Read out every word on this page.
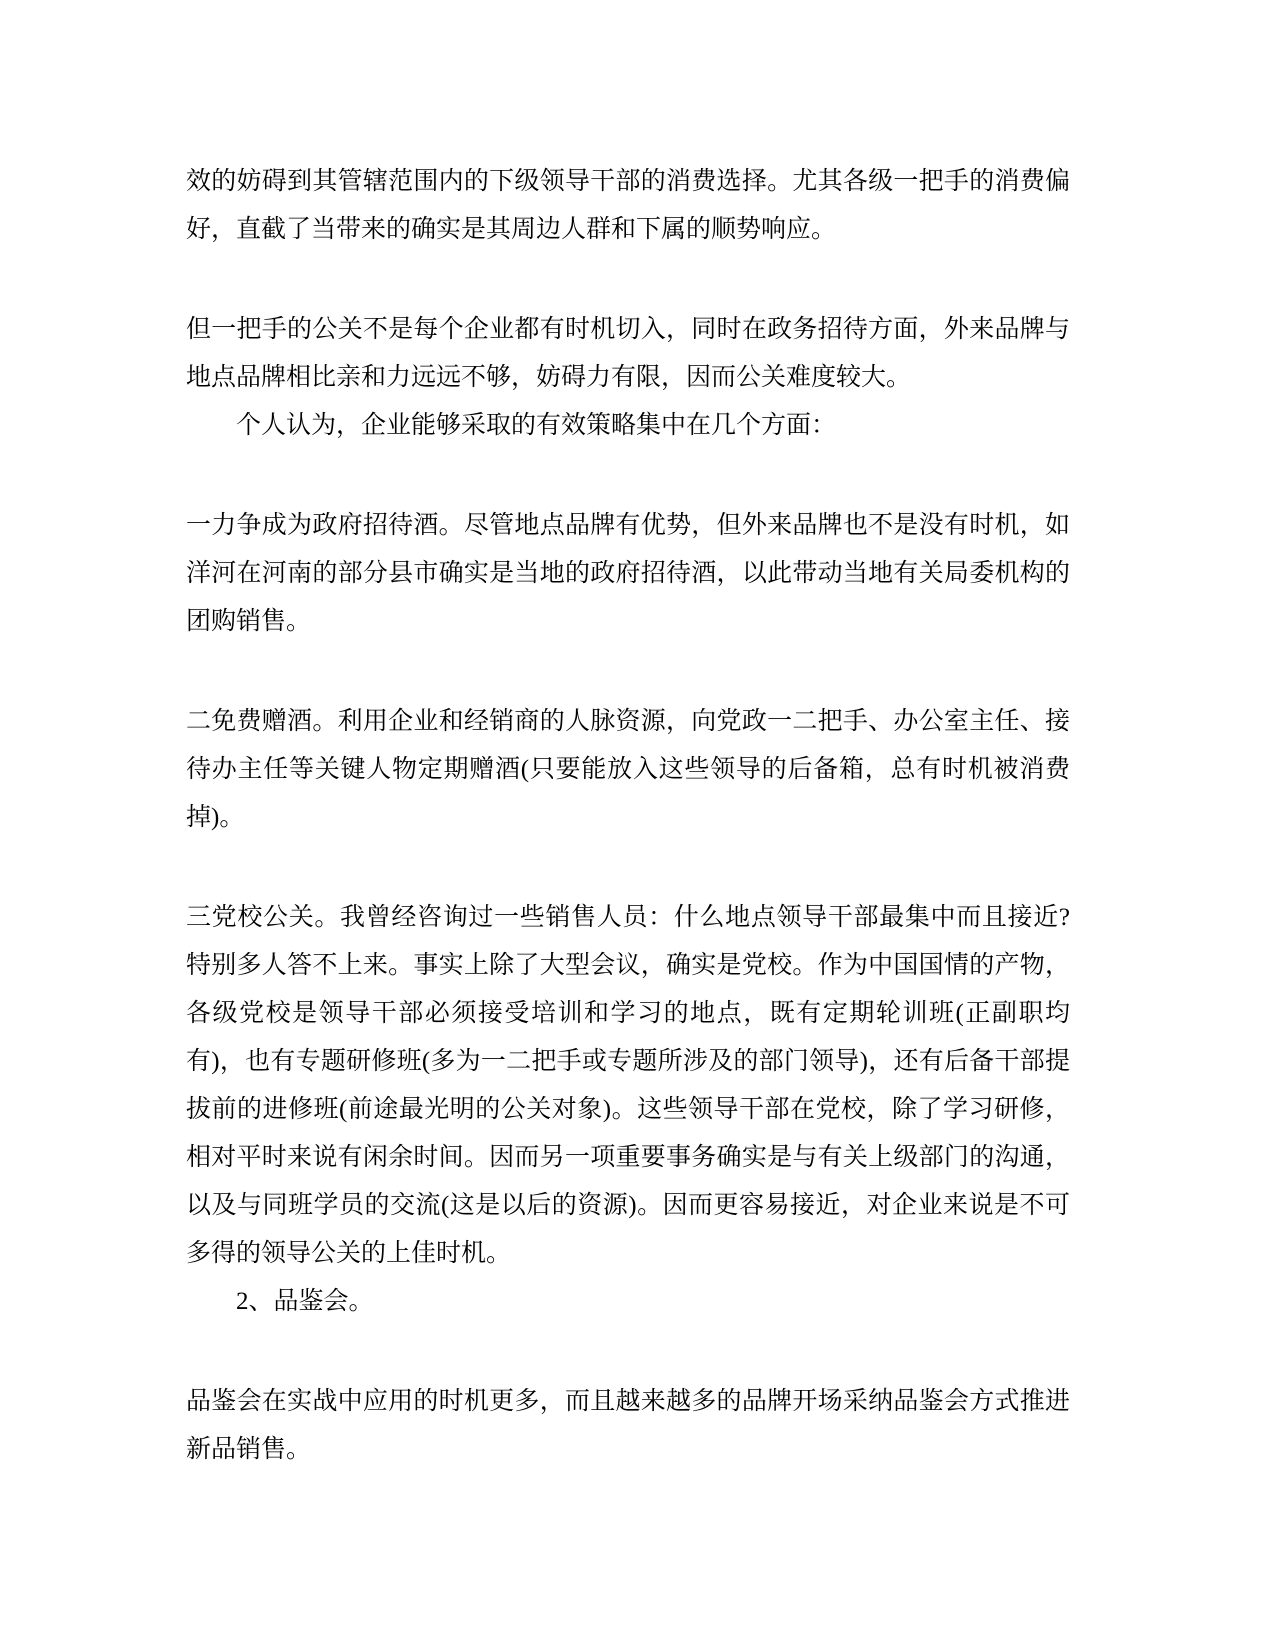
效的妨碍到其管辖范围内的下级领导干部的消费选择。尤其各级一把手的消费偏好，直截了当带来的确实是其周边人群和下属的顺势响应。

但一把手的公关不是每个企业都有时机切入，同时在政务招待方面，外来品牌与地点品牌相比亲和力远远不够，妨碍力有限，因而公关难度较大。

个人认为，企业能够采取的有效策略集中在几个方面：

一力争成为政府招待酒。尽管地点品牌有优势，但外来品牌也不是没有时机，如洋河在河南的部分县市确实是当地的政府招待酒，以此带动当地有关局委机构的团购销售。

二免费赠酒。利用企业和经销商的人脉资源，向党政一二把手、办公室主任、接待办主任等关键人物定期赠酒(只要能放入这些领导的后备箱，总有时机被消费掉)。

三党校公关。我曾经咨询过一些销售人员：什么地点领导干部最集中而且接近?特别多人答不上来。事实上除了大型会议，确实是党校。作为中国国情的产物，各级党校是领导干部必须接受培训和学习的地点，既有定期轮训班(正副职均有)，也有专题研修班(多为一二把手或专题所涉及的部门领导)，还有后备干部提拔前的进修班(前途最光明的公关对象)。这些领导干部在党校，除了学习研修，相对平时来说有闲余时间。因而另一项重要事务确实是与有关上级部门的沟通，以及与同班学员的交流(这是以后的资源)。因而更容易接近，对企业来说是不可多得的领导公关的上佳时机。

2、品鉴会。

品鉴会在实战中应用的时机更多，而且越来越多的品牌开场采纳品鉴会方式推进新品销售。
